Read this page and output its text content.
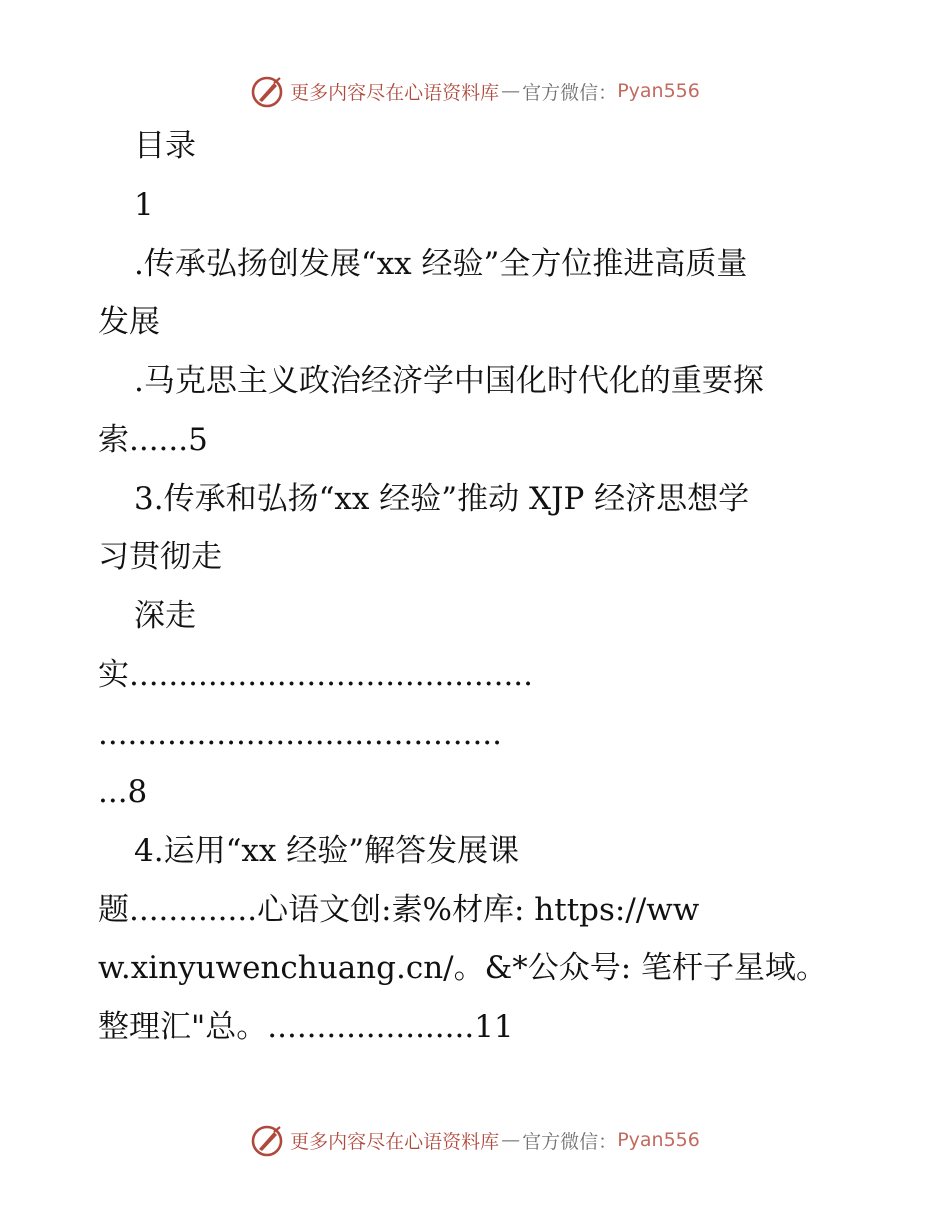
更多内容尽在心语资料库 — 官方微信： Pyan556
目录
1
.传承弘扬创发展“xx 经验”全方位推进高质量
发展
.马克思主义政治经济学中国化时代化的重要探
索......5
3.传承和弘扬“xx 经验”推动 XJP 经济思想学
习贯彻走
深走
实.........................................
.........................................
...8
4.运用“xx 经验”解答发展课
题.............心语文创:素%材库: https://ww
w.xinyuwenchuang.cn/。&*公众号: 笔杆子星域。
整理汇"总。.....................11
更多内容尽在心语资料库 — 官方微信： Pyan556
